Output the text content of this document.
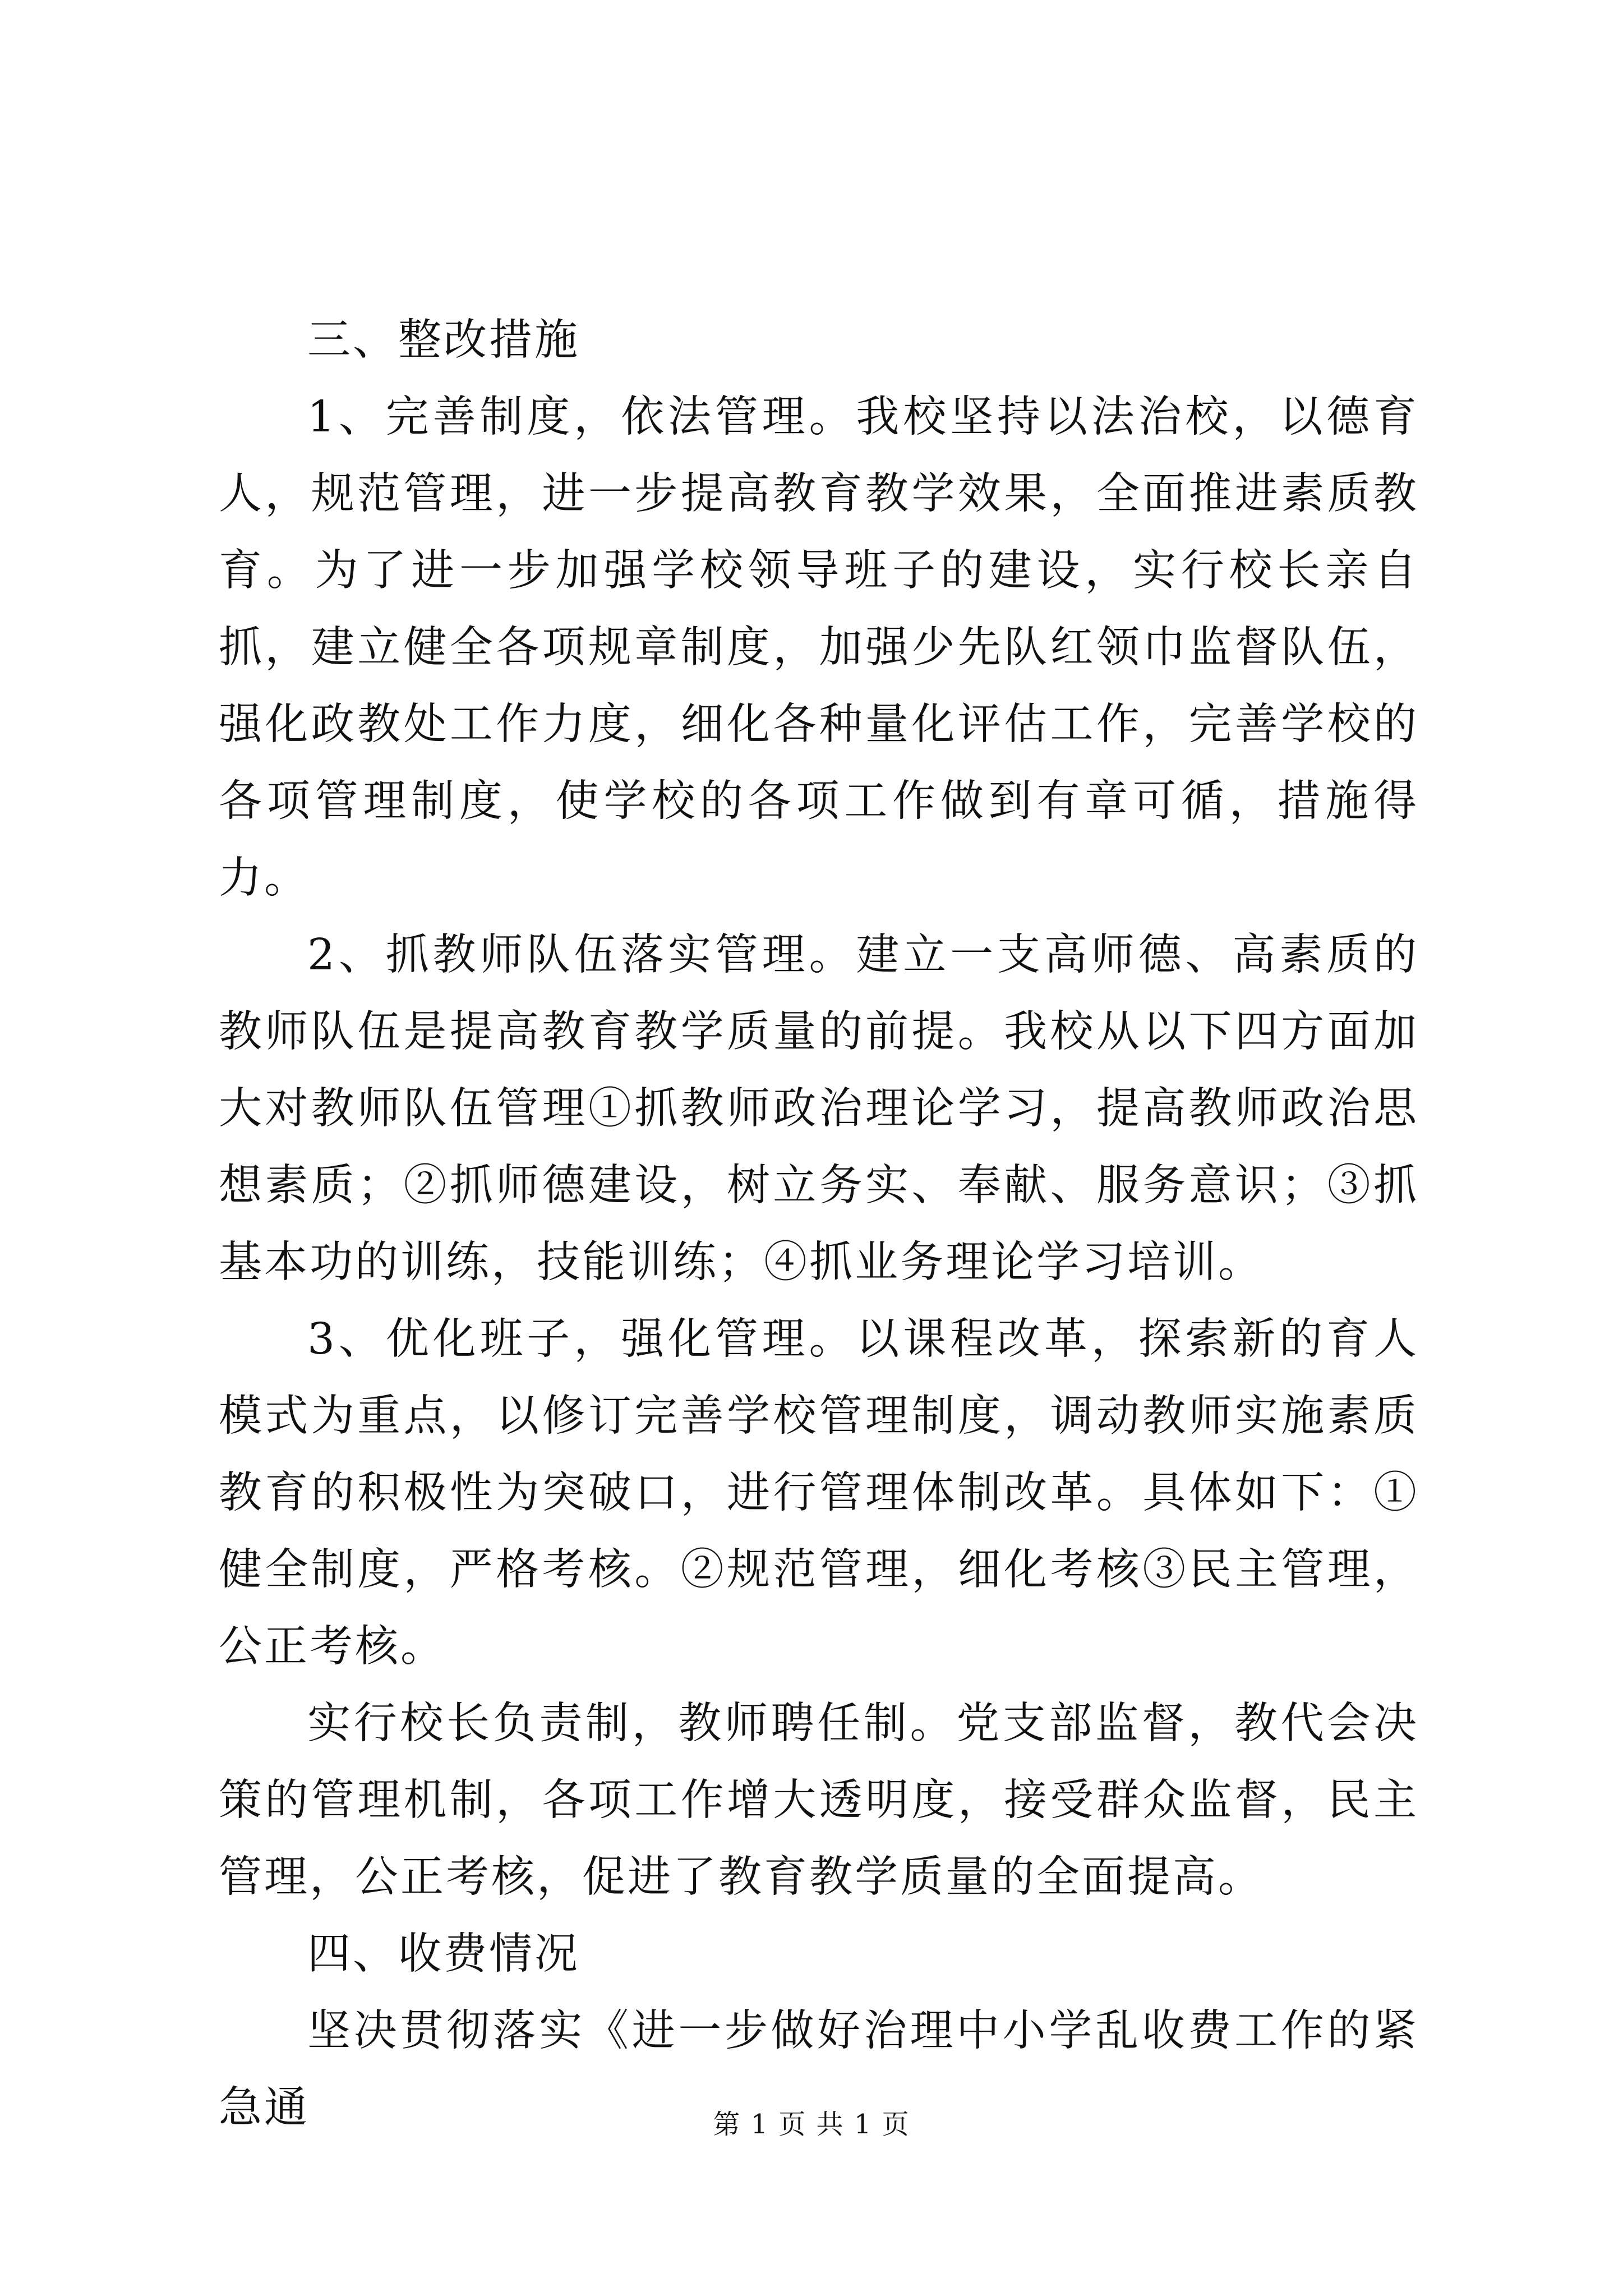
三、整改措施

1、完善制度，依法管理。我校坚持以法治校，以德育人，规范管理，进一步提高教育教学效果，全面推进素质教育。为了进一步加强学校领导班子的建设，实行校长亲自抓，建立健全各项规章制度，加强少先队红领巾监督队伍，强化政教处工作力度，细化各种量化评估工作，完善学校的各项管理制度，使学校的各项工作做到有章可循，措施得力。

2、抓教师队伍落实管理。建立一支高师德、高素质的教师队伍是提高教育教学质量的前提。我校从以下四方面加大对教师队伍管理①抓教师政治理论学习，提高教师政治思想素质；②抓师德建设，树立务实、奉献、服务意识；③抓基本功的训练，技能训练；④抓业务理论学习培训。

3、优化班子，强化管理。以课程改革，探索新的育人模式为重点，以修订完善学校管理制度，调动教师实施素质教育的积极性为突破口，进行管理体制改革。具体如下：①健全制度，严格考核。②规范管理，细化考核③民主管理，公正考核。

实行校长负责制，教师聘任制。党支部监督，教代会决策的管理机制，各项工作增大透明度，接受群众监督，民主管理，公正考核，促进了教育教学质量的全面提高。

四、收费情况

坚决贯彻落实《进一步做好治理中小学乱收费工作的紧急通	第 1 页 共 1 页
